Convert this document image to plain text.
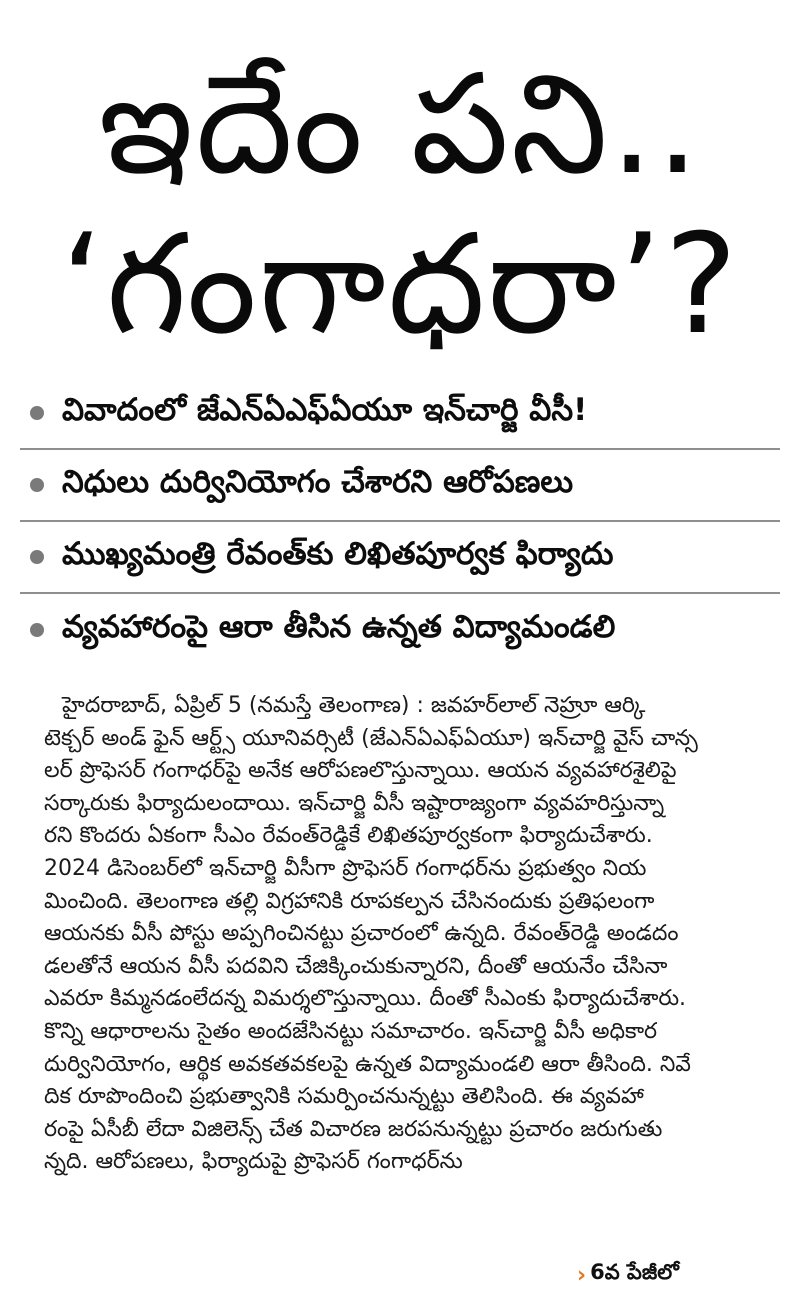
ఇదేం పని..
‘గంగాధరా’?
వివాదంలో జేఎన్ఏఎఫ్ఏయూ ఇన్‌చార్జి వీసీ!
నిధులు దుర్వినియోగం చేశారని ఆరోపణలు
ముఖ్యమంత్రి రేవంత్‌కు లిఖితపూర్వక ఫిర్యాదు
వ్యవహారంపై ఆరా తీసిన ఉన్నత విద్యామండలి
హైదరాబాద్, ఏప్రిల్ 5 (నమస్తే తెలంగాణ) : జవహర్‌లాల్ నెహ్రూ ఆర్కి
టెక్చర్ అండ్ ఫైన్ ఆర్ట్స్ యూనివర్సిటీ (జేఎన్ఏఎఫ్ఏయూ) ఇన్‌చార్జి వైస్ చాన్స
లర్ ప్రొఫెసర్ గంగాధర్‌పై అనేక ఆరోపణలొస్తున్నాయి. ఆయన వ్యవహారశైలిపై
సర్కారుకు ఫిర్యాదులందాయి. ఇన్‌చార్జి వీసీ ఇష్టారాజ్యంగా వ్యవహరిస్తున్నా
రని కొందరు ఏకంగా సీఎం రేవంత్‌రెడ్డికే లిఖితపూర్వకంగా ఫిర్యాదుచేశారు.
2024 డిసెంబర్‌లో ఇన్‌చార్జి వీసీగా ప్రొఫెసర్ గంగాధర్‌ను ప్రభుత్వం నియ
మించింది. తెలంగాణ తల్లి విగ్రహానికి రూపకల్పన చేసినందుకు ప్రతిఫలంగా
ఆయనకు వీసీ పోస్టు అప్పగించినట్టు ప్రచారంలో ఉన్నది. రేవంత్‌రెడ్డి అండదం
డలతోనే ఆయన వీసీ పదవిని చేజిక్కించుకున్నారని, దీంతో ఆయనేం చేసినా
ఎవరూ కిమ్మనడంలేదన్న విమర్శలొస్తున్నాయి. దీంతో సీఎంకు ఫిర్యాదుచేశారు.
కొన్ని ఆధారాలను సైతం అందజేసినట్టు సమాచారం. ఇన్‌చార్జి వీసీ అధికార
దుర్వినియోగం, ఆర్థిక అవకతవకలపై ఉన్నత విద్యామండలి ఆరా తీసింది. నివే
దిక రూపొందించి ప్రభుత్వానికి సమర్పించనున్నట్టు తెలిసింది. ఈ వ్యవహా
రంపై ఏసీబీ లేదా విజిలెన్స్ చేత విచారణ జరపనున్నట్టు ప్రచారం జరుగుతు
న్నది. ఆరోపణలు, ఫిర్యాదుపై ప్రొఫెసర్ గంగాధర్‌ను
› 6వ పేజీలో
